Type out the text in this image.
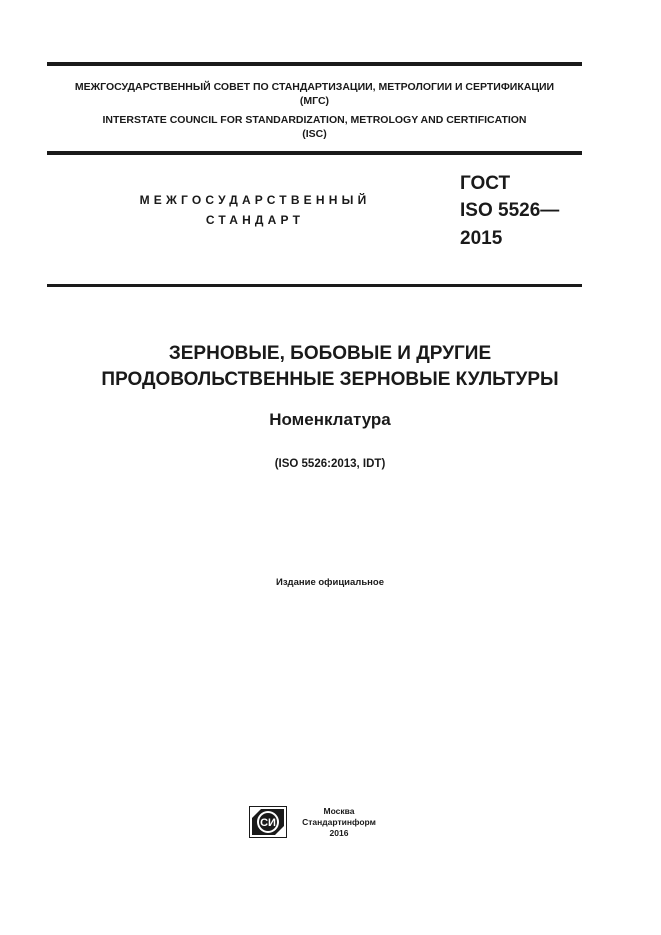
МЕЖГОСУДАРСТВЕННЫЙ СОВЕТ ПО СТАНДАРТИЗАЦИИ, МЕТРОЛОГИИ И СЕРТИФИКАЦИИ
(МГС)
INTERSTATE COUNCIL FOR STANDARDIZATION, METROLOGY AND CERTIFICATION
(ISC)
МЕЖГОСУДАРСТВЕННЫЙ
СТАНДАРТ
ГОСТ
ISO 5526—
2015
ЗЕРНОВЫЕ, БОБОВЫЕ И ДРУГИЕ
ПРОДОВОЛЬСТВЕННЫЕ ЗЕРНОВЫЕ КУЛЬТУРЫ
Номенклатура
(ISO 5526:2013, IDT)
Издание официальное
СИ
Москва
Стандартинформ
2016
